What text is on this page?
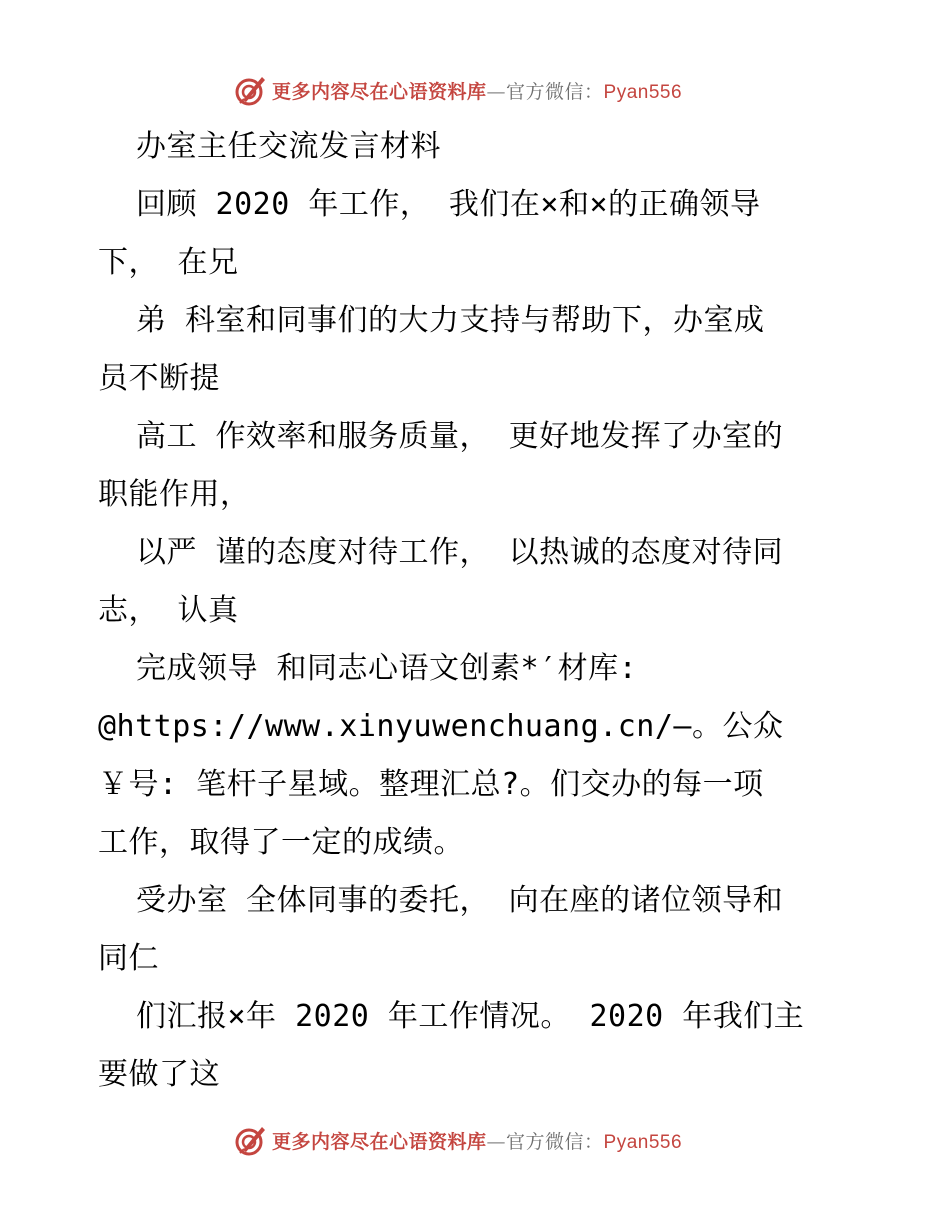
更多内容尽在心语资料库—官方微信：Pyan556
办室主任交流发言材料
回顾 2020 年工作， 我们在×和×的正确领导
下， 在兄
弟 科室和同事们的大力支持与帮助下，办室成
员不断提
高工 作效率和服务质量， 更好地发挥了办室的
职能作用，
以严 谨的态度对待工作， 以热诚的态度对待同
志， 认真
完成领导 和同志心语文创素*′材库:
@https://www.xinyuwenchuang.cn/—。公众
￥号: 笔杆子星域。整理汇总?。们交办的每一项
工作，取得了一定的成绩。
受办室 全体同事的委托， 向在座的诸位领导和
同仁
们汇报×年 2020 年工作情况。 2020 年我们主
要做了这
更多内容尽在心语资料库—官方微信：Pyan556
